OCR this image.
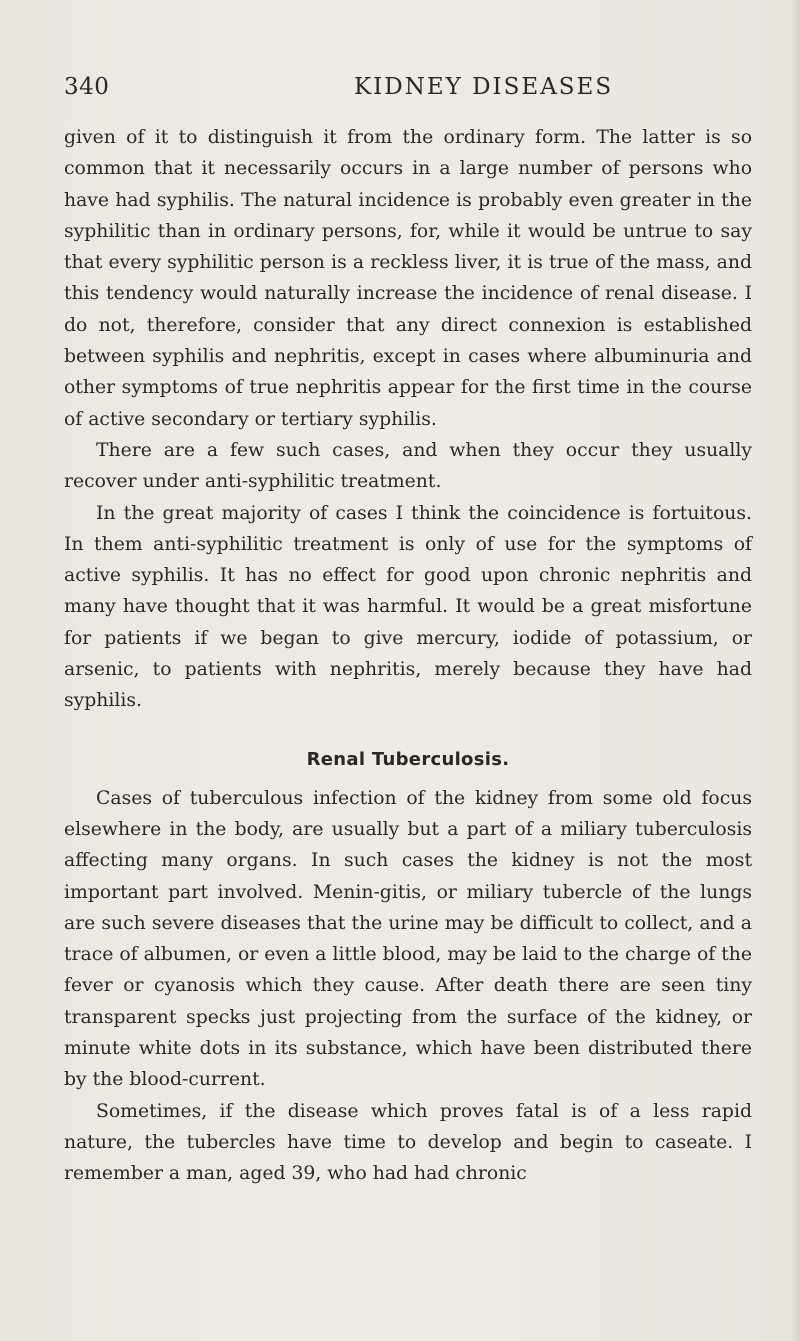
340	KIDNEY DISEASES

given of it to distinguish it from the ordinary form. The latter is so common that it necessarily occurs in a large number of persons who have had syphilis. The natural incidence is probably even greater in the syphilitic than in ordinary persons, for, while it would be untrue to say that every syphilitic person is a reckless liver, it is true of the mass, and this tendency would naturally increase the incidence of renal disease. I do not, therefore, consider that any direct connexion is established between syphilis and nephritis, except in cases where albuminuria and other symptoms of true nephritis appear for the first time in the course of active secondary or tertiary syphilis.

There are a few such cases, and when they occur they usually recover under anti-syphilitic treatment.

In the great majority of cases I think the coincidence is fortuitous. In them anti-syphilitic treatment is only of use for the symptoms of active syphilis. It has no effect for good upon chronic nephritis and many have thought that it was harmful. It would be a great misfortune for patients if we began to give mercury, iodide of potassium, or arsenic, to patients with nephritis, merely because they have had syphilis.

Renal Tuberculosis.

Cases of tuberculous infection of the kidney from some old focus elsewhere in the body, are usually but a part of a miliary tuberculosis affecting many organs. In such cases the kidney is not the most important part involved. Menin-gitis, or miliary tubercle of the lungs are such severe diseases that the urine may be difficult to collect, and a trace of albumen, or even a little blood, may be laid to the charge of the fever or cyanosis which they cause. After death there are seen tiny transparent specks just projecting from the surface of the kidney, or minute white dots in its substance, which have been distributed there by the blood-current.

Sometimes, if the disease which proves fatal is of a less rapid nature, the tubercles have time to develop and begin to caseate. I remember a man, aged 39, who had had chronic
